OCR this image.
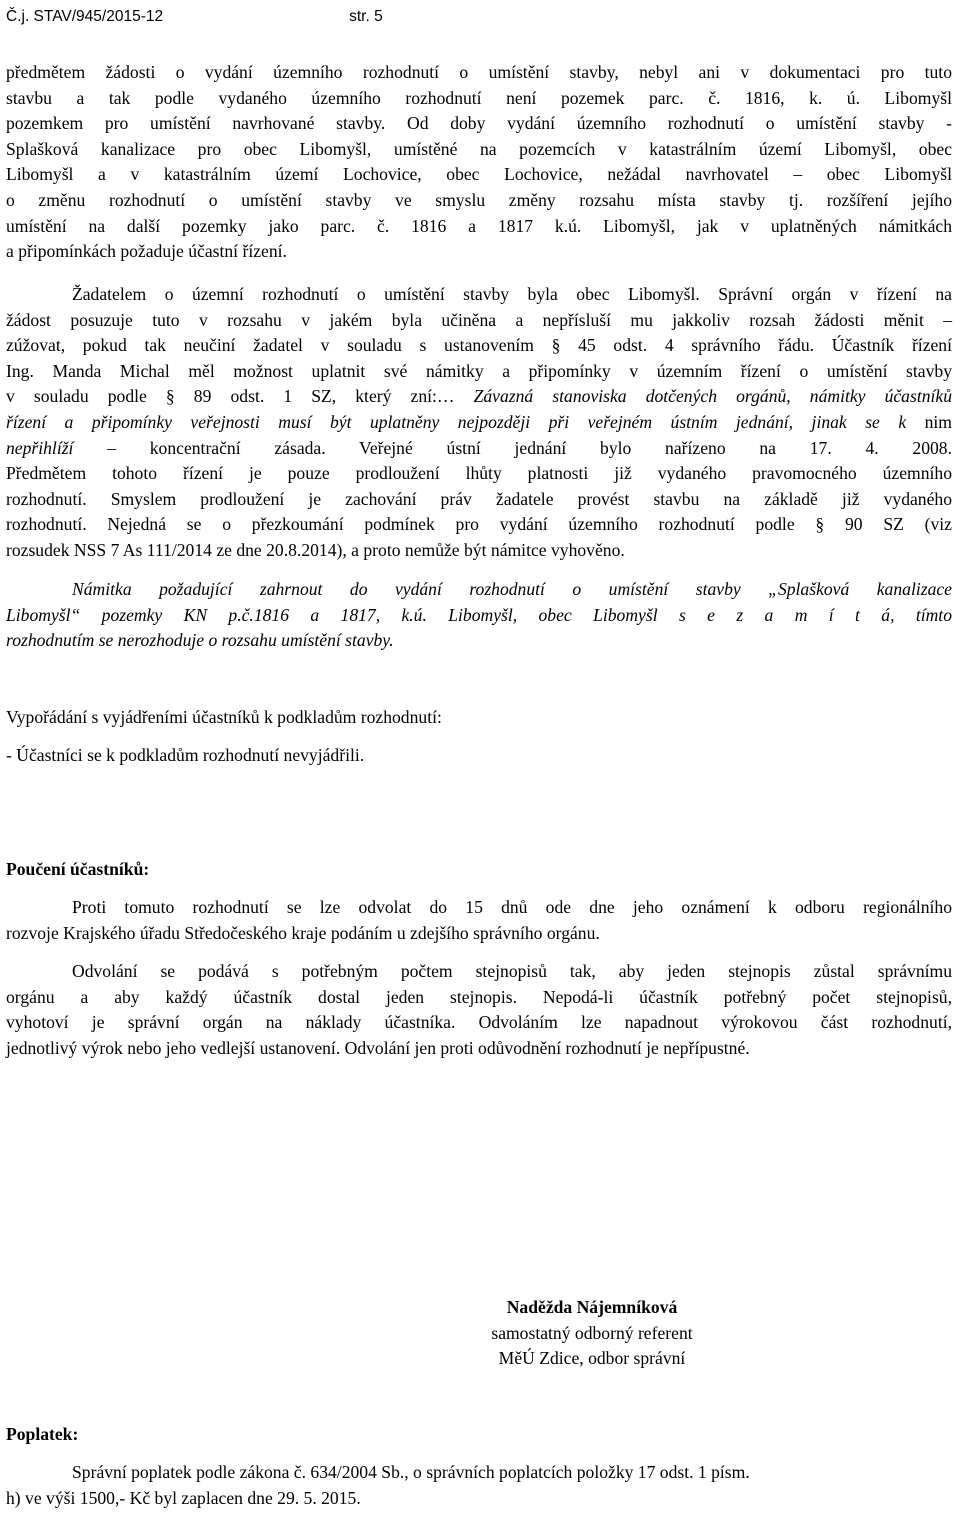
Č.j. STAV/945/2015-12	str. 5

předmětem žádosti o vydání územního rozhodnutí o umístění stavby, nebyl ani v dokumentaci pro tuto

stavbu a tak podle vydaného územního rozhodnutí není pozemek parc. č. 1816, k. ú. Libomyšl

pozemkem pro umístění navrhované stavby. Od doby vydání územního rozhodnutí o umístění stavby -

Splašková kanalizace pro obec Libomyšl, umístěné na pozemcích v katastrálním území Libomyšl, obec

Libomyšl a v katastrálním území Lochovice, obec Lochovice, nežádal navrhovatel – obec Libomyšl

o změnu rozhodnutí o umístění stavby ve smyslu změny rozsahu místa stavby tj. rozšíření jejího

umístění na další pozemky jako parc. č. 1816 a 1817 k.ú. Libomyšl, jak v uplatněných námitkách

a připomínkách požaduje účastní řízení.

Žadatelem o územní rozhodnutí o umístění stavby byla obec Libomyšl. Správní orgán v řízení na

žádost posuzuje tuto v rozsahu v jakém byla učiněna a nepřísluší mu jakkoliv rozsah žádosti měnit –

zúžovat, pokud tak neučiní žadatel v souladu s ustanovením § 45 odst. 4 správního řádu. Účastník řízení

Ing. Manda Michal měl možnost uplatnit své námitky a připomínky v územním řízení o umístění stavby

v souladu podle § 89 odst. 1 SZ, který zní:… Závazná stanoviska dotčených orgánů, námitky účastníků

řízení a připomínky veřejnosti musí být uplatněny nejpozději při veřejném ústním jednání, jinak se k nim

nepřihlíží – koncentrační zásada. Veřejné ústní jednání bylo nařízeno na 17. 4. 2008.

Předmětem tohoto řízení je pouze prodloužení lhůty platnosti již vydaného pravomocného územního

rozhodnutí. Smyslem prodloužení je zachování práv žadatele provést stavbu na základě již vydaného

rozhodnutí. Nejedná se o přezkoumání podmínek pro vydání územního rozhodnutí podle § 90 SZ (viz

rozsudek NSS 7 As 111/2014 ze dne 20.8.2014), a proto nemůže být námitce vyhověno.

Námitka požadující zahrnout do vydání rozhodnutí o umístění stavby „Splašková kanalizace

Libomyšl“ pozemky KN p.č.1816 a 1817, k.ú. Libomyšl, obec Libomyšl s e z a m í t á, tímto

rozhodnutím se nerozhoduje o rozsahu umístění stavby.

Vypořádání s vyjádřeními účastníků k podkladům rozhodnutí:

- Účastníci se k podkladům rozhodnutí nevyjádřili.

Poučení účastníků:

Proti tomuto rozhodnutí se lze odvolat do 15 dnů ode dne jeho oznámení k odboru regionálního

rozvoje Krajského úřadu Středočeského kraje podáním u zdejšího správního orgánu.

Odvolání se podává s potřebným počtem stejnopisů tak, aby jeden stejnopis zůstal správnímu

orgánu a aby každý účastník dostal jeden stejnopis. Nepodá-li účastník potřebný počet stejnopisů,

vyhotoví je správní orgán na náklady účastníka. Odvoláním lze napadnout výrokovou část rozhodnutí,

jednotlivý výrok nebo jeho vedlejší ustanovení. Odvolání jen proti odůvodnění rozhodnutí je nepřípustné.

Naděžda Nájemníková

samostatný odborný referent

MěÚ Zdice, odbor správní

Poplatek:

Správní poplatek podle zákona č. 634/2004 Sb., o správních poplatcích položky 17 odst. 1 písm.

h) ve výši 1500,- Kč byl zaplacen dne 29. 5. 2015.
